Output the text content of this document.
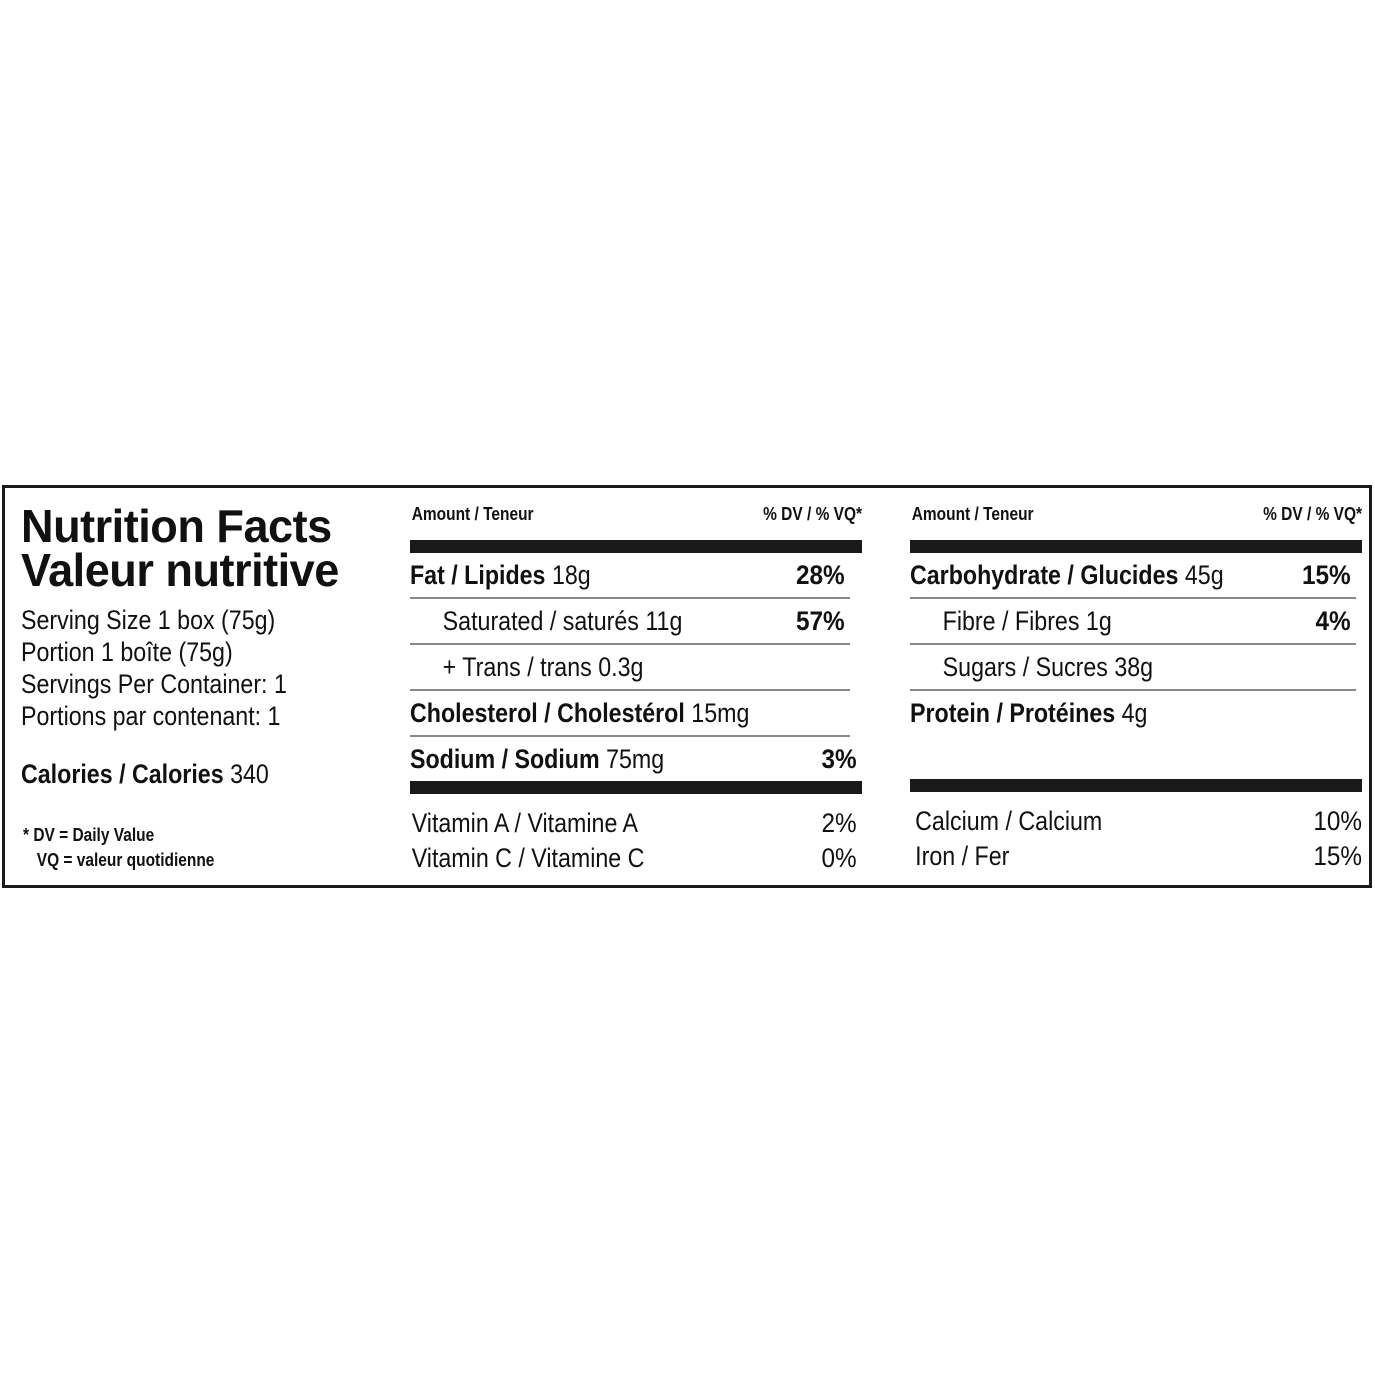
Nutrition Facts
Valeur nutritive
Serving Size 1 box (75g)
Portion 1 boîte (75g)
Servings Per Container: 1
Portions par contenant: 1
Calories / Calories 340
* DV = Daily Value
VQ = valeur quotidienne
Amount / Teneur	% DV / % VQ*
Fat / Lipides 18g	28%
Saturated / saturés 11g	57%
+ Trans / trans 0.3g
Cholesterol / Cholestérol 15mg
Sodium / Sodium 75mg	3%
Vitamin A / Vitamine A	2%
Vitamin C / Vitamine C	0%
Amount / Teneur	% DV / % VQ*
Carbohydrate / Glucides 45g	15%
Fibre / Fibres 1g	4%
Sugars / Sucres 38g
Protein / Protéines 4g
Calcium / Calcium	10%
Iron / Fer	15%
